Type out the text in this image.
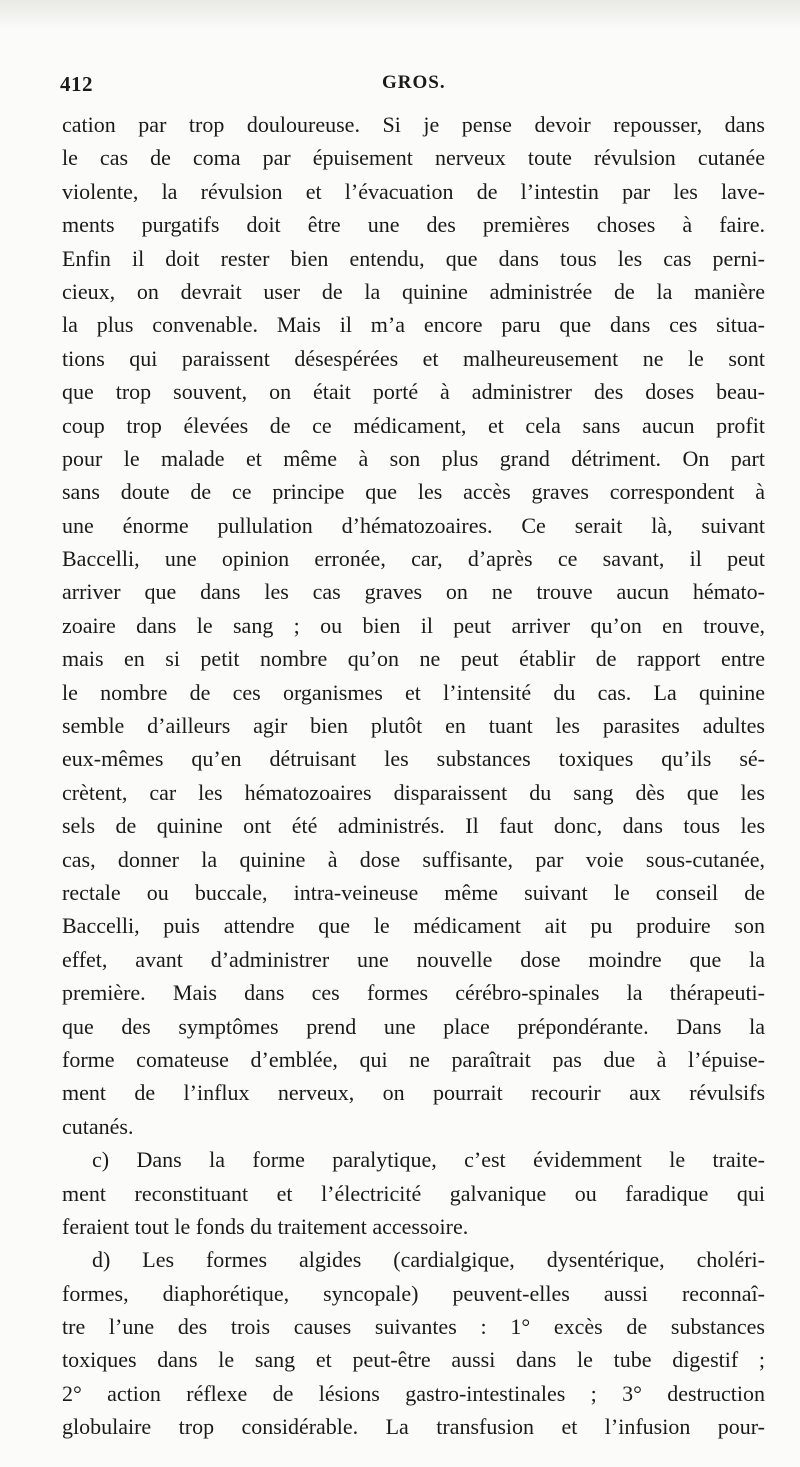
412	GROS.
cation par trop douloureuse. Si je pense devoir repousser, dans
le cas de coma par épuisement nerveux toute révulsion cutanée
violente, la révulsion et l’évacuation de l’intestin par les lave-
ments purgatifs doit être une des premières choses à faire.
Enfin il doit rester bien entendu, que dans tous les cas perni-
cieux, on devrait user de la quinine administrée de la manière
la plus convenable. Mais il m’a encore paru que dans ces situa-
tions qui paraissent désespérées et malheureusement ne le sont
que trop souvent, on était porté à administrer des doses beau-
coup trop élevées de ce médicament, et cela sans aucun profit
pour le malade et même à son plus grand détriment. On part
sans doute de ce principe que les accès graves correspondent à
une énorme pullulation d’hématozoaires. Ce serait là, suivant
Baccelli, une opinion erronée, car, d’après ce savant, il peut
arriver que dans les cas graves on ne trouve aucun hémato-
zoaire dans le sang ; ou bien il peut arriver qu’on en trouve,
mais en si petit nombre qu’on ne peut établir de rapport entre
le nombre de ces organismes et l’intensité du cas. La quinine
semble d’ailleurs agir bien plutôt en tuant les parasites adultes
eux-mêmes qu’en détruisant les substances toxiques qu’ils sé-
crètent, car les hématozoaires disparaissent du sang dès que les
sels de quinine ont été administrés. Il faut donc, dans tous les
cas, donner la quinine à dose suffisante, par voie sous-cutanée,
rectale ou buccale, intra-veineuse même suivant le conseil de
Baccelli, puis attendre que le médicament ait pu produire son
effet, avant d’administrer une nouvelle dose moindre que la
première. Mais dans ces formes cérébro-spinales la thérapeuti-
que des symptômes prend une place prépondérante. Dans la
forme comateuse d’emblée, qui ne paraîtrait pas due à l’épuise-
ment de l’influx nerveux, on pourrait recourir aux révulsifs
cutanés.
c) Dans la forme paralytique, c’est évidemment le traite-
ment reconstituant et l’électricité galvanique ou faradique qui
feraient tout le fonds du traitement accessoire.
d) Les formes algides (cardialgique, dysentérique, choléri-
formes, diaphorétique, syncopale) peuvent-elles aussi reconnaî-
tre l’une des trois causes suivantes : 1° excès de substances
toxiques dans le sang et peut-être aussi dans le tube digestif ;
2° action réflexe de lésions gastro-intestinales ; 3° destruction
globulaire trop considérable. La transfusion et l’infusion pour-
